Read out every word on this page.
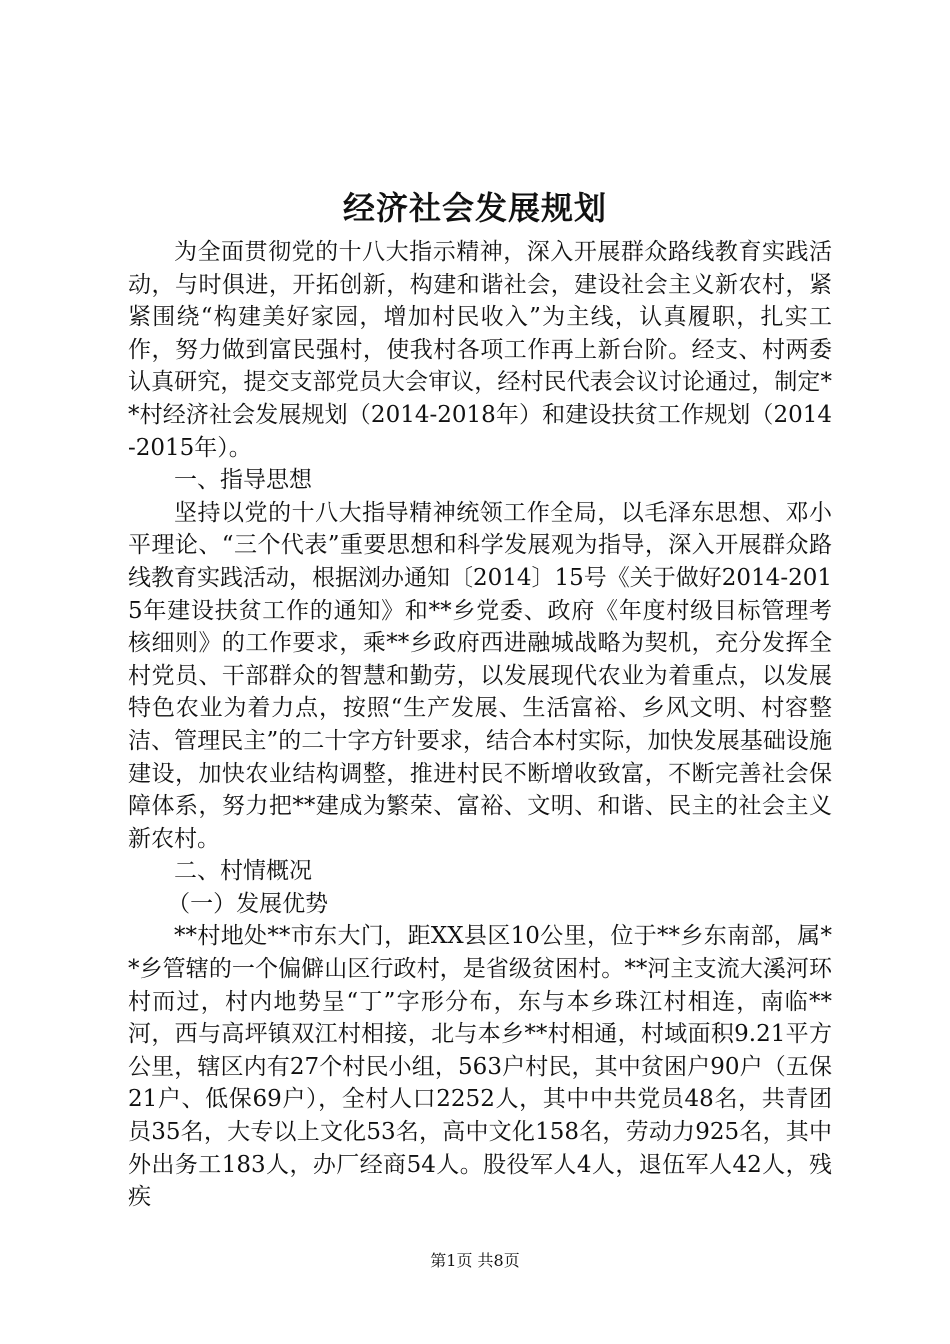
经济社会发展规划

为全面贯彻党的十八大指示精神，深入开展群众路线教育实践活动，与时俱进，开拓创新，构建和谐社会，建设社会主义新农村，紧紧围绕“构建美好家园，增加村民收入”为主线，认真履职，扎实工作，努力做到富民强村，使我村各项工作再上新台阶。经支、村两委认真研究，提交支部党员大会审议，经村民代表会议讨论通过，制定**村经济社会发展规划（2014-2018年）和建设扶贫工作规划（2014-2015年）。

一、指导思想

坚持以党的十八大指导精神统领工作全局，以毛泽东思想、邓小平理论、“三个代表”重要思想和科学发展观为指导，深入开展群众路线教育实践活动，根据浏办通知〔2014〕15号《关于做好2014-2015年建设扶贫工作的通知》和**乡党委、政府《年度村级目标管理考核细则》的工作要求，乘**乡政府西进融城战略为契机，充分发挥全村党员、干部群众的智慧和勤劳，以发展现代农业为着重点，以发展特色农业为着力点，按照“生产发展、生活富裕、乡风文明、村容整洁、管理民主”的二十字方针要求，结合本村实际，加快发展基础设施建设，加快农业结构调整，推进村民不断增收致富，不断完善社会保障体系，努力把**建成为繁荣、富裕、文明、和谐、民主的社会主义新农村。

二、村情概况

（一）发展优势

**村地处**市东大门，距XX县区10公里，位于**乡东南部，属**乡管辖的一个偏僻山区行政村，是省级贫困村。**河主支流大溪河环村而过，村内地势呈“丁”字形分布，东与本乡珠江村相连，南临**河，西与高坪镇双江村相接，北与本乡**村相通，村域面积9.21平方公里，辖区内有27个村民小组，563户村民，其中贫困户90户（五保21户、低保69户），全村人口2252人，其中中共党员48名，共青团员35名，大专以上文化53名，高中文化158名，劳动力925名，其中外出务工183人，办厂经商54人。股役军人4人，退伍军人42人，残疾

第1页 共8页
